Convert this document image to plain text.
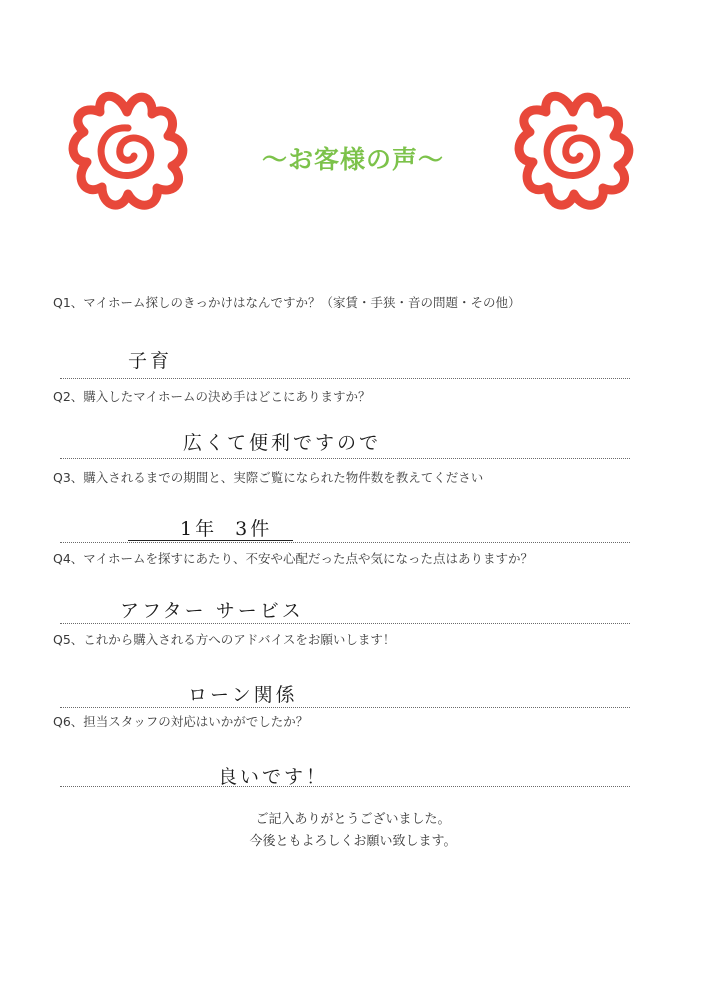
～お客様の声～
Q1、マイホーム探しのきっかけはなんですか？（家賃・手狭・音の問題・その他）
子育
Q2、購入したマイホームの決め手はどこにありますか？
広くて便利ですので
Q3、購入されるまでの期間と、実際ご覧になられた物件数を教えてください
1年  3件
Q4、マイホームを探すにあたり、不安や心配だった点や気になった点はありますか？
アフター サービス
Q5、これから購入される方へのアドバイスをお願いします！
ローン関係
Q6、担当スタッフの対応はいかがでしたか？
良いです！
ご記入ありがとうございました。
今後ともよろしくお願い致します。
